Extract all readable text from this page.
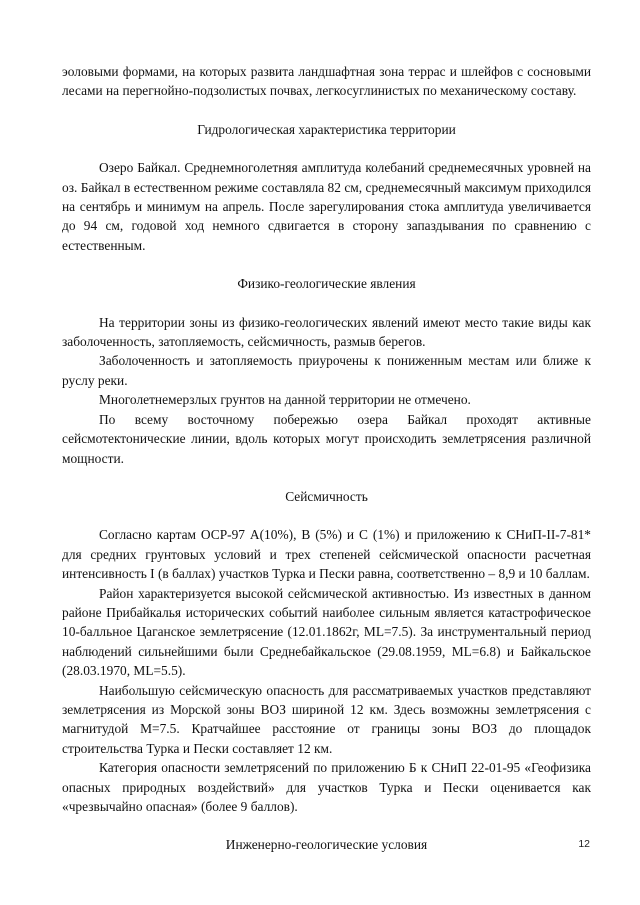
эоловыми формами, на которых развита ландшафтная зона террас и шлейфов с сосновыми лесами на перегнойно-подзолистых почвах, легкосуглинистых по механическому составу.

Гидрологическая характеристика территории

Озеро Байкал. Среднемноголетняя амплитуда колебаний среднемесячных уровней на оз. Байкал в естественном режиме составляла 82 см, среднемесячный максимум приходился на сентябрь и минимум на апрель. После зарегулирования стока амплитуда увеличивается до 94 см, годовой ход немного сдвигается в сторону запаздывания по сравнению с естественным.

Физико-геологические явления

На территории зоны из физико-геологических явлений имеют место такие виды как заболоченность, затопляемость, сейсмичность, размыв берегов.

Заболоченность и затопляемость приурочены к пониженным местам или ближе к руслу реки.

Многолетнемерзлых грунтов на данной территории не отмечено.

По всему восточному побережью озера Байкал проходят активные сейсмотектонические линии, вдоль которых могут происходить землетрясения различной мощности.

Сейсмичность

Согласно картам ОСР-97 А(10%), В (5%) и С (1%) и приложению к СНиП-II-7-81* для средних грунтовых условий и трех степеней сейсмической опасности расчетная интенсивность I (в баллах) участков Турка и Пески равна, соответственно – 8,9 и 10 баллам.

Район характеризуется высокой сейсмической активностью. Из известных в данном районе Прибайкалья исторических событий наиболее сильным является катастрофическое 10-балльное Цаганское землетрясение (12.01.1862г, ML=7.5). За инструментальный период наблюдений сильнейшими были Среднебайкальское (29.08.1959, ML=6.8) и Байкальское (28.03.1970, ML=5.5).

Наибольшую сейсмическую опасность для рассматриваемых участков представляют землетрясения из Морской зоны ВОЗ шириной 12 км. Здесь возможны землетрясения с магнитудой M=7.5. Кратчайшее расстояние от границы зоны ВОЗ до площадок строительства Турка и Пески составляет 12 км.

Категория опасности землетрясений по приложению Б к СНиП 22-01-95 «Геофизика опасных природных воздействий» для участков Турка и Пески оценивается как «чрезвычайно опасная» (более 9 баллов).

Инженерно-геологические условия	12
